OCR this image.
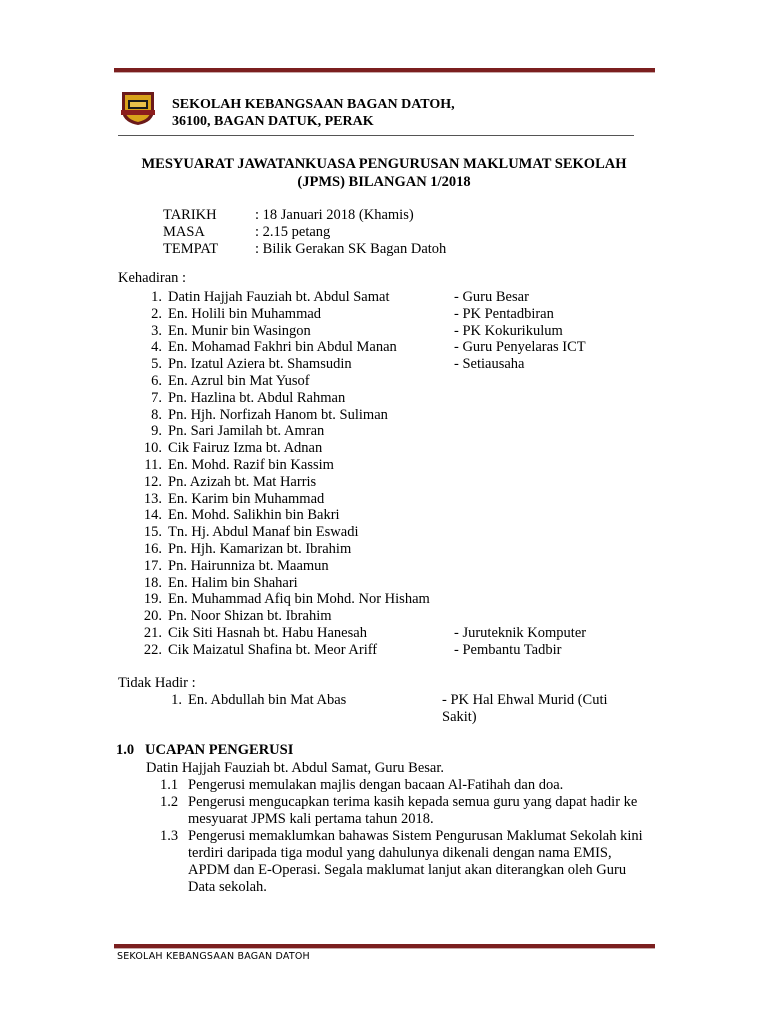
SEKOLAH KEBANGSAAN BAGAN DATOH,
36100, BAGAN DATUK, PERAK
MESYUARAT JAWATANKUASA PENGURUSAN MAKLUMAT SEKOLAH
(JPMS) BILANGAN 1/2018
TARIKH	: 18 Januari 2018 (Khamis)
MASA	: 2.15 petang
TEMPAT	: Bilik Gerakan SK Bagan Datoh
Kehadiran :
1. Datin Hajjah Fauziah bt. Abdul Samat	- Guru Besar
2. En. Holili bin Muhammad	- PK Pentadbiran
3. En. Munir bin Wasingon	- PK Kokurikulum
4. En. Mohamad Fakhri bin Abdul Manan	- Guru Penyelaras ICT
5. Pn. Izatul Aziera bt. Shamsudin	- Setiausaha
6. En. Azrul bin Mat Yusof
7. Pn. Hazlina bt. Abdul Rahman
8. Pn. Hjh. Norfizah Hanom bt. Suliman
9. Pn. Sari Jamilah bt. Amran
10. Cik Fairuz Izma bt. Adnan
11. En. Mohd. Razif bin Kassim
12. Pn. Azizah bt. Mat Harris
13. En. Karim bin Muhammad
14. En. Mohd. Salikhin bin Bakri
15. Tn. Hj. Abdul Manaf bin Eswadi
16. Pn. Hjh. Kamarizan bt. Ibrahim
17. Pn. Hairunniza bt. Maamun
18. En. Halim bin Shahari
19. En. Muhammad Afiq bin Mohd. Nor Hisham
20. Pn. Noor Shizan bt. Ibrahim
21. Cik Siti Hasnah bt. Habu Hanesah	- Juruteknik Komputer
22. Cik Maizatul Shafina bt. Meor Ariff	- Pembantu Tadbir
Tidak Hadir :
1. En. Abdullah bin Mat Abas	- PK Hal Ehwal Murid (Cuti Sakit)
1.0 UCAPAN PENGERUSI
Datin Hajjah Fauziah bt. Abdul Samat, Guru Besar.
1.1 Pengerusi memulakan majlis dengan bacaan Al-Fatihah dan doa.
1.2 Pengerusi mengucapkan terima kasih kepada semua guru yang dapat hadir ke mesyuarat JPMS kali pertama tahun 2018.
1.3 Pengerusi memaklumkan bahawas Sistem Pengurusan Maklumat Sekolah kini terdiri daripada tiga modul yang dahulunya dikenali dengan nama EMIS, APDM dan E-Operasi. Segala maklumat lanjut akan diterangkan oleh Guru Data sekolah.
SEKOLAH KEBANGSAAN BAGAN DATOH
